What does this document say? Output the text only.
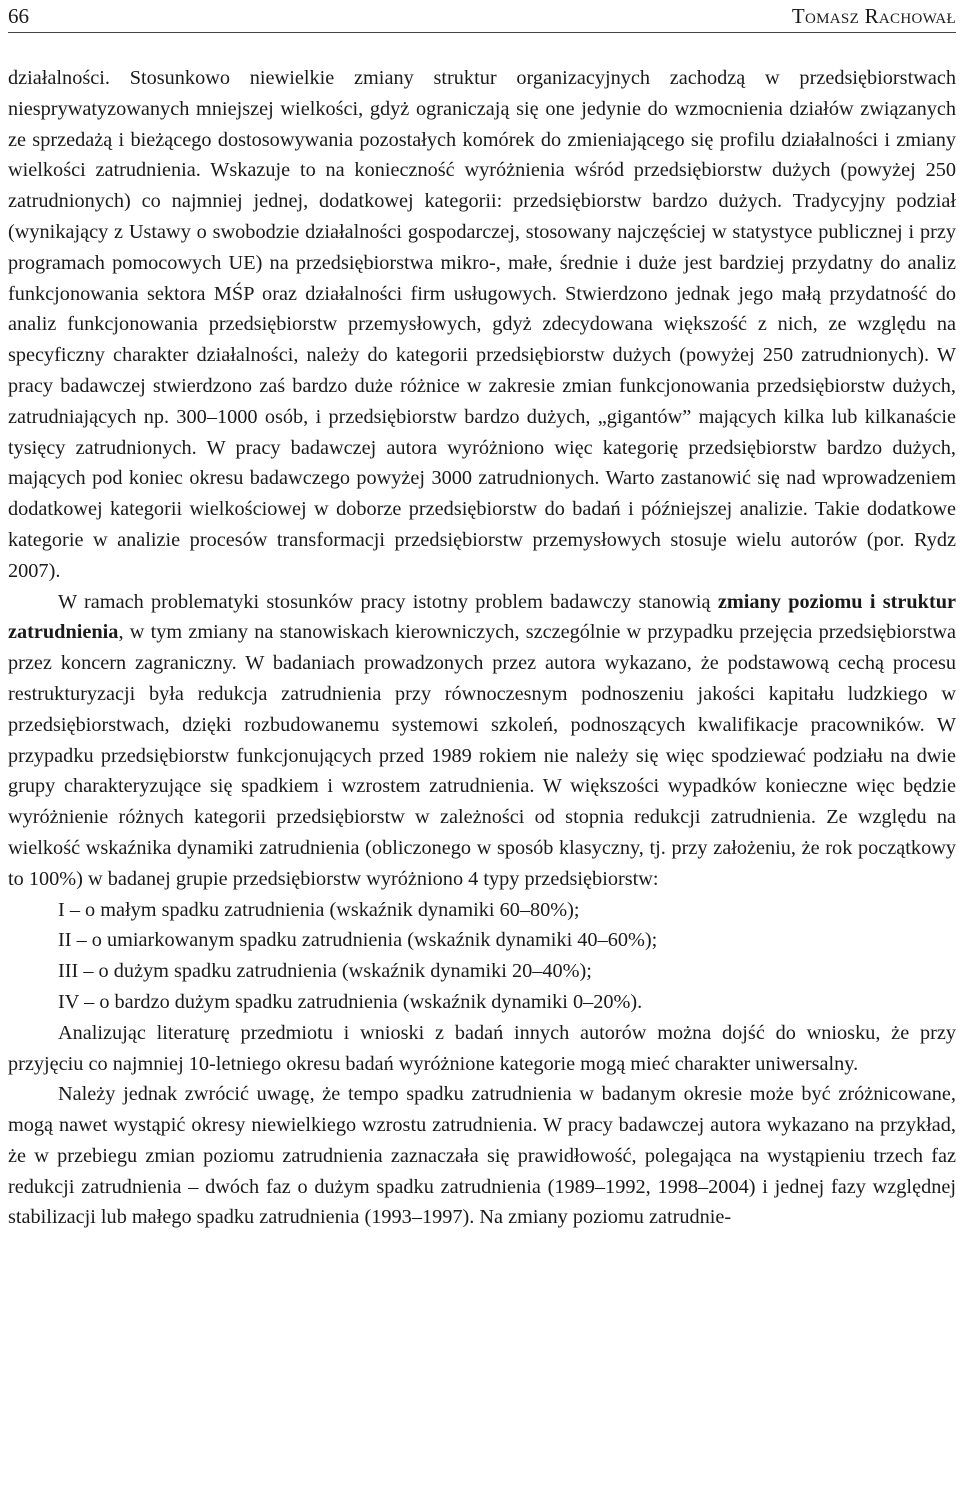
66	Tomasz Rachował

działalności. Stosunkowo niewielkie zmiany struktur organizacyjnych zachodzą w przedsiębiorstwach niesprywatyzowanych mniejszej wielkości, gdyż ograniczają się one jedynie do wzmocnienia działów związanych ze sprzedażą i bieżącego dostosowywania pozostałych komórek do zmieniającego się profilu działalności i zmiany wielkości zatrudnienia. Wskazuje to na konieczność wyróżnienia wśród przedsiębiorstw dużych (powyżej 250 zatrudnionych) co najmniej jednej, dodatkowej kategorii: przedsiębiorstw bardzo dużych. Tradycyjny podział (wynikający z Ustawy o swobodzie działalności gospodarczej, stosowany najczęściej w statystyce publicznej i przy programach pomocowych UE) na przedsiębiorstwa mikro-, małe, średnie i duże jest bardziej przydatny do analiz funkcjonowania sektora MŚP oraz działalności firm usługowych. Stwierdzono jednak jego małą przydatność do analiz funkcjonowania przedsiębiorstw przemysłowych, gdyż zdecydowana większość z nich, ze względu na specyficzny charakter działalności, należy do kategorii przedsiębiorstw dużych (powyżej 250 zatrudnionych). W pracy badawczej stwierdzono zaś bardzo duże różnice w zakresie zmian funkcjonowania przedsiębiorstw dużych, zatrudniających np. 300–1000 osób, i przedsiębiorstw bardzo dużych, „gigantów” mających kilka lub kilkanaście tysięcy zatrudnionych. W pracy badawczej autora wyróżniono więc kategorię przedsiębiorstw bardzo dużych, mających pod koniec okresu badawczego powyżej 3000 zatrudnionych. Warto zastanowić się nad wprowadzeniem dodatkowej kategorii wielkościowej w doborze przedsiębiorstw do badań i późniejszej analizie. Takie dodatkowe kategorie w analizie procesów transformacji przedsiębiorstw przemysłowych stosuje wielu autorów (por. Rydz 2007).

W ramach problematyki stosunków pracy istotny problem badawczy stanowią zmiany poziomu i struktur zatrudnienia, w tym zmiany na stanowiskach kierowniczych, szczególnie w przypadku przejęcia przedsiębiorstwa przez koncern zagraniczny. W badaniach prowadzonych przez autora wykazano, że podstawową cechą procesu restrukturyzacji była redukcja zatrudnienia przy równoczesnym podnoszeniu jakości kapitału ludzkiego w przedsiębiorstwach, dzięki rozbudowanemu systemowi szkoleń, podnoszących kwalifikacje pracowników. W przypadku przedsiębiorstw funkcjonujących przed 1989 rokiem nie należy się więc spodziewać podziału na dwie grupy charakteryzujące się spadkiem i wzrostem zatrudnienia. W większości wypadków konieczne więc będzie wyróżnienie różnych kategorii przedsiębiorstw w zależności od stopnia redukcji zatrudnienia. Ze względu na wielkość wskaźnika dynamiki zatrudnienia (obliczonego w sposób klasyczny, tj. przy założeniu, że rok początkowy to 100%) w badanej grupie przedsiębiorstw wyróżniono 4 typy przedsiębiorstw:

I – o małym spadku zatrudnienia (wskaźnik dynamiki 60–80%);

II – o umiarkowanym spadku zatrudnienia (wskaźnik dynamiki 40–60%);

III – o dużym spadku zatrudnienia (wskaźnik dynamiki 20–40%);

IV – o bardzo dużym spadku zatrudnienia (wskaźnik dynamiki 0–20%).

Analizując literaturę przedmiotu i wnioski z badań innych autorów można dojść do wniosku, że przy przyjęciu co najmniej 10-letniego okresu badań wyróżnione kategorie mogą mieć charakter uniwersalny.

Należy jednak zwrócić uwagę, że tempo spadku zatrudnienia w badanym okresie może być zróżnicowane, mogą nawet wystąpić okresy niewielkiego wzrostu zatrudnienia. W pracy badawczej autora wykazano na przykład, że w przebiegu zmian poziomu zatrudnienia zaznaczała się prawidłowość, polegająca na wystąpieniu trzech faz redukcji zatrudnienia – dwóch faz o dużym spadku zatrudnienia (1989–1992, 1998–2004) i jednej fazy względnej stabilizacji lub małego spadku zatrudnienia (1993–1997). Na zmiany poziomu zatrudnie-
